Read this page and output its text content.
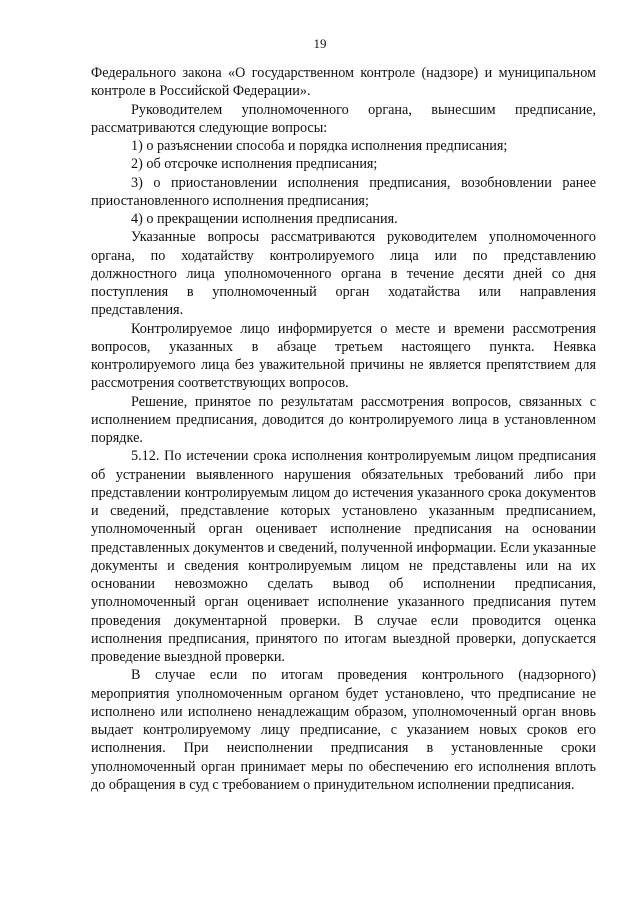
19

Федерального закона «О государственном контроле (надзоре) и муниципальном контроле в Российской Федерации».

Руководителем уполномоченного органа, вынесшим предписание, рассматриваются следующие вопросы:

1) о разъяснении способа и порядка исполнения предписания;

2) об отсрочке исполнения предписания;

3) о приостановлении исполнения предписания, возобновлении ранее приостановленного исполнения предписания;

4) о прекращении исполнения предписания.

Указанные вопросы рассматриваются руководителем уполномоченного органа, по ходатайству контролируемого лица или по представлению должностного лица уполномоченного органа в течение десяти дней со дня поступления в уполномоченный орган ходатайства или направления представления.

Контролируемое лицо информируется о месте и времени рассмотрения вопросов, указанных в абзаце третьем настоящего пункта. Неявка контролируемого лица без уважительной причины не является препятствием для рассмотрения соответствующих вопросов.

Решение, принятое по результатам рассмотрения вопросов, связанных с исполнением предписания, доводится до контролируемого лица в установленном порядке.

5.12. По истечении срока исполнения контролируемым лицом предписания об устранении выявленного нарушения обязательных требований либо при представлении контролируемым лицом до истечения указанного срока документов и сведений, представление которых установлено указанным предписанием, уполномоченный орган оценивает исполнение предписания на основании представленных документов и сведений, полученной информации. Если указанные документы и сведения контролируемым лицом не представлены или на их основании невозможно сделать вывод об исполнении предписания, уполномоченный орган оценивает исполнение указанного предписания путем проведения документарной проверки. В случае если проводится оценка исполнения предписания, принятого по итогам выездной проверки, допускается проведение выездной проверки.

В случае если по итогам проведения контрольного (надзорного) мероприятия уполномоченным органом будет установлено, что предписание не исполнено или исполнено ненадлежащим образом, уполномоченный орган вновь выдает контролируемому лицу предписание, с указанием новых сроков его исполнения. При неисполнении предписания в установленные сроки уполномоченный орган принимает меры по обеспечению его исполнения вплоть до обращения в суд с требованием о принудительном исполнении предписания.
